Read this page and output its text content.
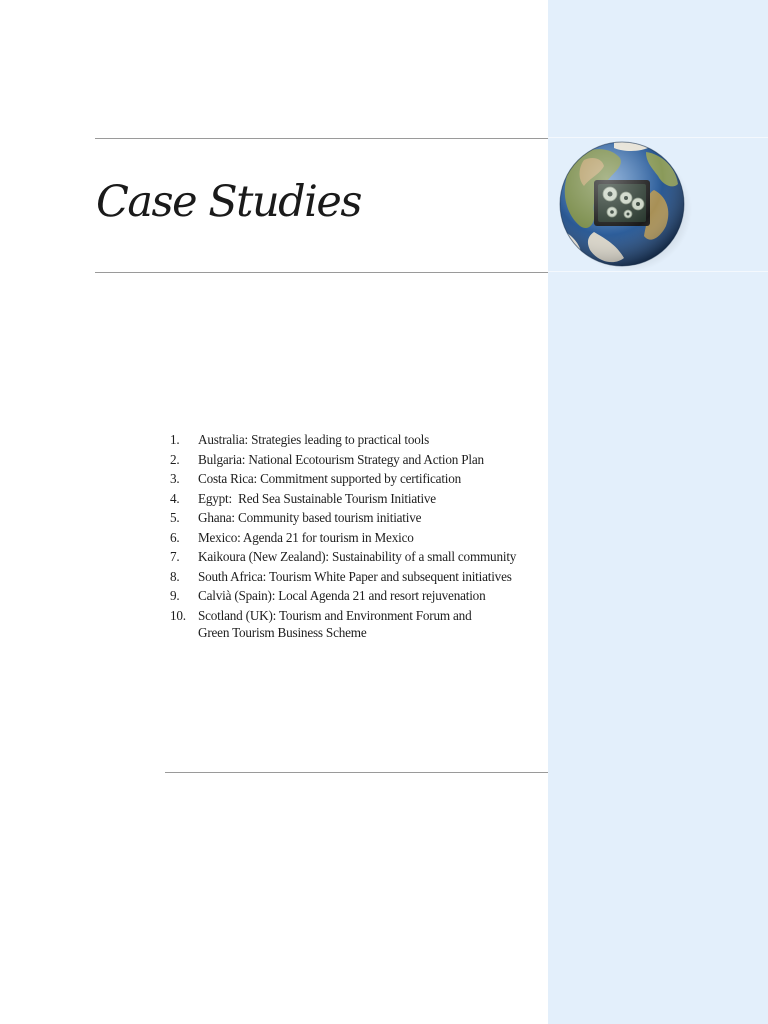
Case Studies
1.	Australia: Strategies leading to practical tools
2.	Bulgaria: National Ecotourism Strategy and Action Plan
3.	Costa Rica: Commitment supported by certification
4.	Egypt:  Red Sea Sustainable Tourism Initiative
5.	Ghana: Community based tourism initiative
6.	Mexico: Agenda 21 for tourism in Mexico
7.	Kaikoura (New Zealand): Sustainability of a small community
8.	South Africa: Tourism White Paper and subsequent initiatives
9.	Calvià (Spain): Local Agenda 21 and resort rejuvenation
10. Scotland (UK): Tourism and Environment Forum and Green Tourism Business Scheme
